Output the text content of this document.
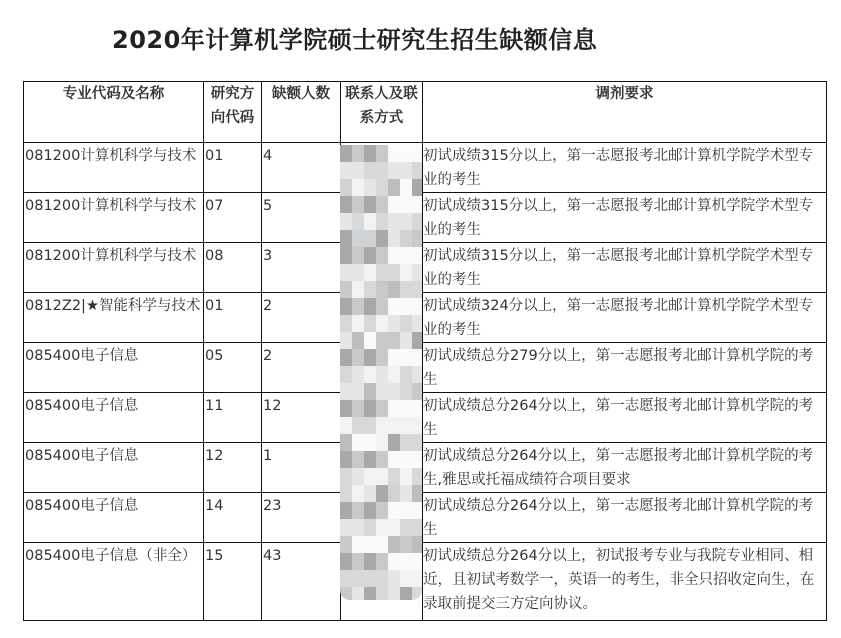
2020年计算机学院硕士研究生招生缺额信息
专业代码及名称	研究方向代码	缺额人数	联系人及联系方式	调剂要求
081200计算机科学与技术	01	4		初试成绩315分以上，第一志愿报考北邮计算机学院学术型专业的考生
081200计算机科学与技术	07	5		初试成绩315分以上，第一志愿报考北邮计算机学院学术型专业的考生
081200计算机科学与技术	08	3		初试成绩315分以上，第一志愿报考北邮计算机学院学术型专业的考生
0812Z2|★智能科学与技术	01	2		初试成绩324分以上，第一志愿报考北邮计算机学院学术型专业的考生
085400电子信息	05	2		初试成绩总分279分以上，第一志愿报考北邮计算机学院的考生
085400电子信息	11	12		初试成绩总分264分以上，第一志愿报考北邮计算机学院的考生
085400电子信息	12	1		初试成绩总分264分以上，第一志愿报考北邮计算机学院的考生,雅思或托福成绩符合项目要求
085400电子信息	14	23		初试成绩总分264分以上，第一志愿报考北邮计算机学院的考生
085400电子信息（非全）	15	43		初试成绩总分264分以上，初试报考专业与我院专业相同、相近，且初试考数学一，英语一的考生，非全只招收定向生，在录取前提交三方定向协议。
